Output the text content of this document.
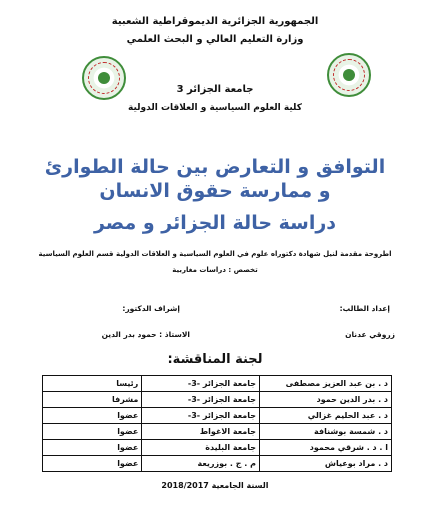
الجمهورية الجزائرية الديموقراطية الشعبية
وزارة التعليم العالي و البحث العلمي
جامعة الجزائر 3
كلية العلوم السياسية و العلاقات الدولية
التوافق و التعارض بين حالة الطوارئ
و ممارسة حقوق الانسان
دراسة حالة الجزائر و مصر
اطروحة مقدمة لنيل شهادة دكتوراه علوم في العلوم السياسية و العلاقات الدولية قسم العلوم السياسية
تخصص : دراسات مغاربية
إعداد الطالب:
زروقي عدنان
إشراف الدكتور:
الاستاذ : حمود بدر الدين
لجنة المناقشة:
د . بن عبد العزيز مصطفى	جامعة الجزائر -3-	رئيسا
د . بدر الدين حمود	جامعة الجزائر -3-	مشرفا
د . عبد الحليم غزالي	جامعة الجزائر -3-	عضوا
د . شمسة بوشنافة	جامعة الاغواط	عضوا
ا . د . شرقي محمود	جامعة البليدة	عضوا
د . مراد بوعياش	م . ج . بوزريعة	عضوا
السنة الجامعية 2018/2017
